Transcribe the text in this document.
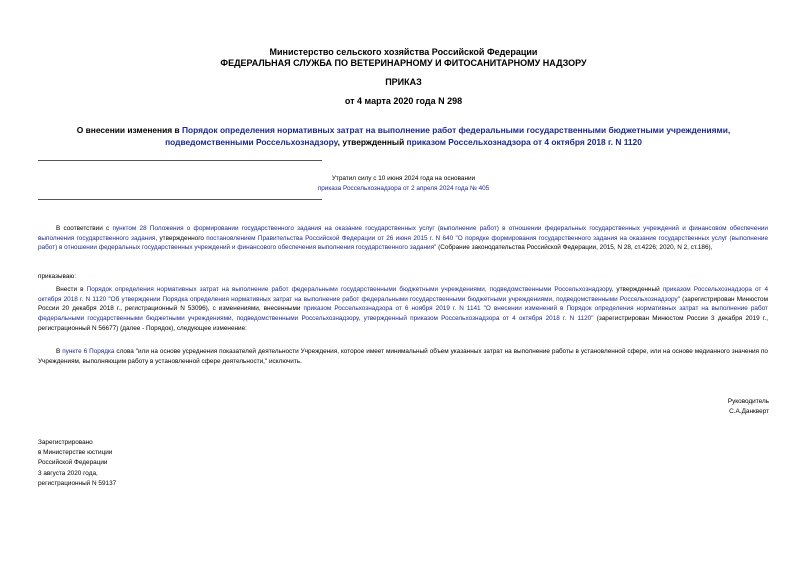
Министерство сельского хозяйства Российской Федерации
ФЕДЕРАЛЬНАЯ СЛУЖБА ПО ВЕТЕРИНАРНОМУ И ФИТОСАНИТАРНОМУ НАДЗОРУ
ПРИКАЗ
от 4 марта 2020 года N 298
О внесении изменения в Порядок определения нормативных затрат на выполнение работ федеральными государственными бюджетными учреждениями, подведомственными Россельхознадзору, утвержденный приказом Россельхознадзора от 4 октября 2018 г. N 1120
Утратил силу с 10 июня 2024 года на основании
приказа Россельхознадзора от 2 апреля 2024 года № 405
В соответствии с пунктом 28 Положения о формировании государственного задания на оказание государственных услуг (выполнение работ) в отношении федеральных государственных учреждений и финансовом обеспечении выполнения государственного задания, утвержденного постановлением Правительства Российской Федерации от 26 июня 2015 г. N 640 "О порядке формирования государственного задания на оказание государственных услуг (выполнение работ) в отношении федеральных государственных учреждений и финансового обеспечения выполнения государственного задания" (Собрание законодательства Российской Федерации, 2015, N 28, ст.4226; 2020, N 2, ст.186),
приказываю:
Внести в Порядок определения нормативных затрат на выполнение работ федеральными государственными бюджетными учреждениями, подведомственными Россельхознадзору, утвержденный приказом Россельхознадзора от 4 октября 2018 г. N 1120 "Об утверждении Порядка определения нормативных затрат на выполнение работ федеральными государственными бюджетными учреждениями, подведомственными Россельхознадзору" (зарегистрирован Минюстом России 20 декабря 2018 г., регистрационный N 53096), с изменениями, внесенными приказом Россельхознадзора от 6 ноября 2019 г. N 1141 "О внесении изменений в Порядок определения нормативных затрат на выполнение работ федеральными государственными бюджетными учреждениями, подведомственными Россельхознадзору, утвержденный приказом Россельхознадзора от 4 октября 2018 г. N 1120" (зарегистрирован Минюстом России 3 декабря 2019 г., регистрационный N 56677) (далее - Порядок), следующее изменение:
В пункте 6 Порядка слова "или на основе усреднения показателей деятельности Учреждения, которое имеет минимальный объем указанных затрат на выполнение работы в установленной сфере, или на основе медианного значения по Учреждениям, выполняющим работу в установленной сфере деятельности," исключить.
Руководитель
С.А.Данкверт
Зарегистрировано
в Министерстве юстиции
Российской Федерации
3 августа 2020 года,
регистрационный N 59137
